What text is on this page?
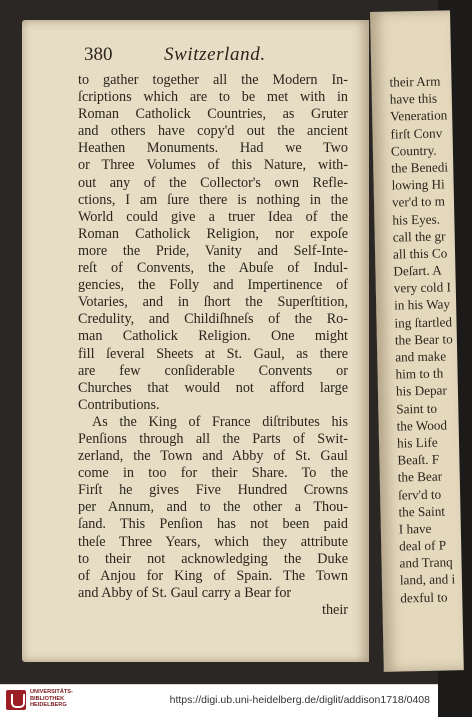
their Arm
have this
Veneration
firſt Conv
Country.
the Benedi
lowing Hi
ver'd to m
his Eyes.
call the gr
all this Co
Deſart. A
very cold I
in his Way
ing ſtartled
the Bear to
and make
him to th
his Depar
Saint to
the Wood
his Life
Beaſt. F
the Bear
ſerv'd to
the Saint
I have
deal of P
and Tranq
land, and i
dexful to
380	Switzerland.
to gather together all the Modern In-
ſcriptions which are to be met with in
Roman Catholick Countries, as Gruter
and others have copy'd out the ancient
Heathen Monuments. Had we Two
or Three Volumes of this Nature, with-
out any of the Collector's own Refle-
ctions, I am ſure there is nothing in the
World could give a truer Idea of the
Roman Catholick Religion, nor expoſe
more the Pride, Vanity and Self-Inte-
reſt of Convents, the Abuſe of Indul-
gencies, the Folly and Impertinence of
Votaries, and in ſhort the Superſtition,
Credulity, and Childiſhneſs of the Ro-
man Catholick Religion. One might
fill ſeveral Sheets at St. Gaul, as there
are few conſiderable Convents or
Churches that would not afford large
Contributions.
As the King of France diſtributes his
Penſions through all the Parts of Swit-
zerland, the Town and Abby of St. Gaul
come in too for their Share. To the
Firſt he gives Five Hundred Crowns
per Annum, and to the other a Thou-
ſand. This Penſion has not been paid
theſe Three Years, which they attribute
to their not acknowledging the Duke
of Anjou for King of Spain. The Town
and Abby of St. Gaul carry a Bear for
their
UNIVERSITÄTS-
BIBLIOTHEK
HEIDELBERG	https://digi.ub.uni-heidelberg.de/diglit/addison1718/0408
